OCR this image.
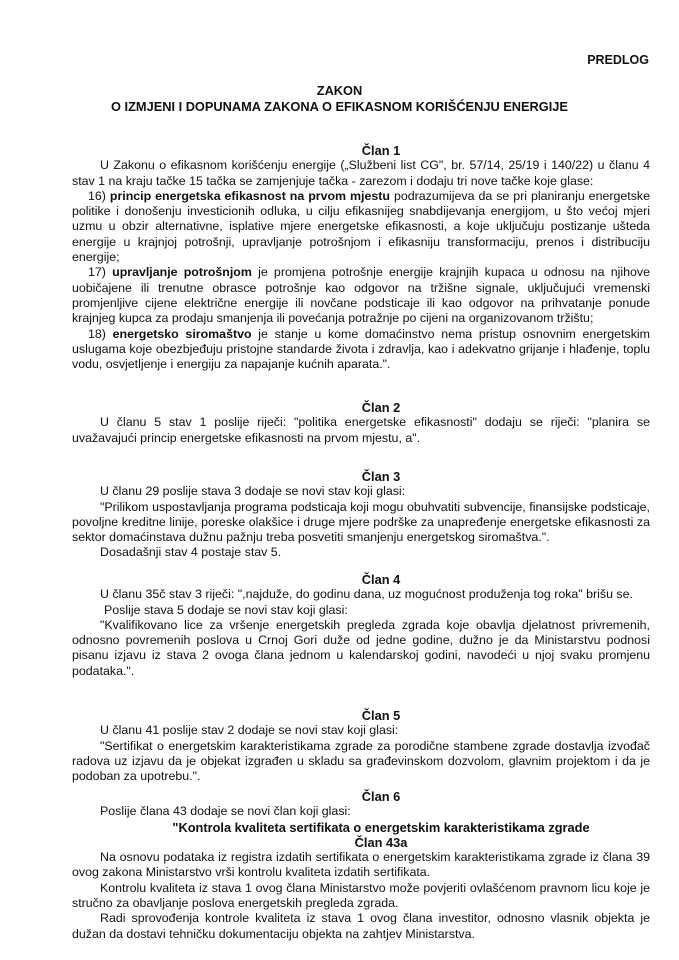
PREDLOG
ZAKON
O IZMJENI I DOPUNAMA ZAKONA O EFIKASNOM KORIŠĆENJU ENERGIJE
Član 1

U Zakonu o efikasnom korišćenju energije („Službeni list CG", br. 57/14, 25/19 i 140/22) u članu 4 stav 1 na kraju tačke 15 tačka se zamjenjuje tačka - zarezom i dodaju tri nove tačke koje glase:

16) princip energetska efikasnost na prvom mjestu podrazumijeva da se pri planiranju energetske politike i donošenju investicionih odluka, u cilju efikasnijeg snabdijevanja energijom, u što većoj mjeri uzmu u obzir alternativne, isplative mjere energetske efikasnosti, a koje uključuju postizanje ušteda energije u krajnjoj potrošnji, upravljanje potrošnjom i efikasniju transformaciju, prenos i distribuciju energije;

17) upravljanje potrošnjom je promjena potrošnje energije krajnjih kupaca u odnosu na njihove uobičajene ili trenutne obrasce potrošnje kao odgovor na tržišne signale, uključujući vremenski promjenljive cijene električne energije ili novčane podsticaje ili kao odgovor na prihvatanje ponude krajnjeg kupca za prodaju smanjenja ili povećanja potražnje po cijeni na organizovanom tržištu;

18) energetsko siromaštvo je stanje u kome domaćinstvo nema pristup osnovnim energetskim uslugama koje obezbjeđuju pristojne standarde života i zdravlja, kao i adekvatno grijanje i hlađenje, toplu vodu, osvjetljenje i energiju za napajanje kućnih aparata.".

Član 2

U članu 5 stav 1 poslije riječi: "politika energetske efikasnosti" dodaju se riječi: "planira se uvažavajući princip energetske efikasnosti na prvom mjestu, a".

Član 3

U članu 29 poslije stava 3 dodaje se novi stav koji glasi:

"Prilikom uspostavljanja programa podsticaja koji mogu obuhvatiti subvencije, finansijske podsticaje, povoljne kreditne linije, poreske olakšice i druge mjere podrške za unapređenje energetske efikasnosti za sektor domaćinstava dužnu pažnju treba posvetiti smanjenju energetskog siromaštva.".

Dosadašnji stav 4 postaje stav 5.

Član 4

U članu 35č stav 3 riječi: ",najduže, do godinu dana, uz mogućnost produženja tog roka" brišu se.

Poslije stava 5 dodaje se novi stav koji glasi:

"Kvalifikovano lice za vršenje energetskih pregleda zgrada koje obavlja djelatnost privremenih, odnosno povremenih poslova u Crnoj Gori duže od jedne godine, dužno je da Ministarstvu podnosi pisanu izjavu iz stava 2 ovoga člana jednom u kalendarskoj godini, navodeći u njoj svaku promjenu podataka.".

Član 5

U članu 41 poslije stav 2 dodaje se novi stav koji glasi:

"Sertifikat o energetskim karakteristikama zgrade za porodične stambene zgrade dostavlja izvođač radova uz izjavu da je objekat izgrađen u skladu sa građevinskom dozvolom, glavnim projektom i da je podoban za upotrebu.".

Član 6

Poslije člana 43 dodaje se novi član koji glasi:

"Kontrola kvaliteta sertifikata o energetskim karakteristikama zgrade
Član 43a

Na osnovu podataka iz registra izdatih sertifikata o energetskim karakteristikama zgrade iz člana 39 ovog zakona Ministarstvo vrši kontrolu kvaliteta izdatih sertifikata.

Kontrolu kvaliteta iz stava 1 ovog člana Ministarstvo može povjeriti ovlašćenom pravnom licu koje je stručno za obavljanje poslova energetskih pregleda zgrada.

Radi sprovođenja kontrole kvaliteta iz stava 1 ovog člana investitor, odnosno vlasnik objekta je dužan da dostavi tehničku dokumentaciju objekta na zahtjev Ministarstva.
